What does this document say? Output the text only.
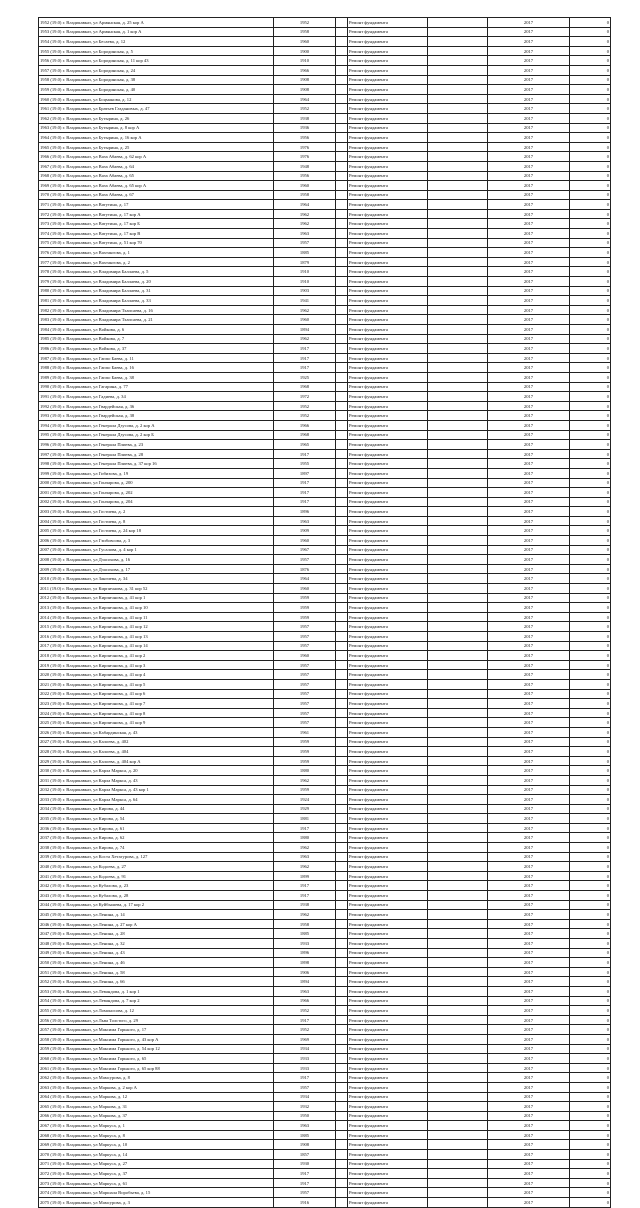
1952 (19.0) г. Владикавказ, ул Армянская, д. 25 кор А	1952		Ремонт фундамента		2017	0
1953 (19.0) г. Владикавказ, ул Армянская, д. 1 кор А	1958		Ремонт фундамента		2017	0
1954 (19.0) г. Владикавказ, ул Бесаева, д. 12	1960		Ремонт фундамента		2017	0
1955 (19.0) г. Владикавказ, ул Бородинская, д. 5	1900		Ремонт фундамента		2017	0
1956 (19.0) г. Владикавказ, ул Бородинская, д. 11 кор 43	1910		Ремонт фундамента		2017	0
1957 (19.0) г. Владикавказ, ул Бородинская, д. 24	1966		Ремонт фундамента		2017	0
1958 (19.0) г. Владикавказ, ул Бородинская, д. 38	1908		Ремонт фундамента		2017	0
1959 (19.0) г. Владикавказ, ул Бородинская, д. 40	1908		Ремонт фундамента		2017	0
1960 (19.0) г. Владикавказ, ул Боцманова, д. 12	1964		Ремонт фундамента		2017	0
1961 (19.0) г. Владикавказ, ул Братьев Газдановых, д. 47	1952		Ремонт фундамента		2017	0
1962 (19.0) г. Владикавказ, ул Бутырина, д. 26	1938		Ремонт фундамента		2017	0
1963 (19.0) г. Владикавказ, ул Бутырина, д. 8 кор А	1936		Ремонт фундамента		2017	0
1964 (19.0) г. Владикавказ, ул Бутырина, д. 16 кор А	1956		Ремонт фундамента		2017	0
1965 (19.0) г. Владикавказ, ул Бутырина, д. 25	1976		Ремонт фундамента		2017	0
1966 (19.0) г. Владикавказ, ул Ваза Абаева, д. 62 кор А	1976		Ремонт фундамента		2017	0
1967 (19.0) г. Владикавказ, ул Ваза Абаева, д. 64	1948		Ремонт фундамента		2017	0
1968 (19.0) г. Владикавказ, ул Ваза Абаева, д. 65	1956		Ремонт фундамента		2017	0
1969 (19.0) г. Владикавказ, ул Ваза Абаева, д. 65 кор А	1960		Ремонт фундамента		2017	0
1970 (19.0) г. Владикавказ, ул Ваза Абаева, д. 67	1958		Ремонт фундамента		2017	0
1971 (19.0) г. Владикавказ, ул Ватутина, д. 17	1964		Ремонт фундамента		2017	0
1972 (19.0) г. Владикавказ, ул Ватутина, д. 17 кор А	1962		Ремонт фундамента		2017	0
1973 (19.0) г. Владикавказ, ул Ватутина, д. 17 кор Б	1962		Ремонт фундамента		2017	0
1974 (19.0) г. Владикавказ, ул Ватутина, д. 17 кор В	1963		Ремонт фундамента		2017	0
1975 (19.0) г. Владикавказ, ул Ватутина, д. 51 кор 70	1957		Ремонт фундамента		2017	0
1976 (19.0) г. Владикавказ, ул Вахтангова, д. 1	1885		Ремонт фундамента		2017	0
1977 (19.0) г. Владикавказ, ул Вахтангова, д. 2	1879		Ремонт фундамента		2017	0
1978 (19.0) г. Владикавказ, ул Владимира Баллаева, д. 5	1910		Ремонт фундамента		2017	0
1979 (19.0) г. Владикавказ, ул Владимира Баллаева, д. 20	1910		Ремонт фундамента		2017	0
1980 (19.0) г. Владикавказ, ул Владимира Баллаева, д. 31	1903		Ремонт фундамента		2017	0
1981 (19.0) г. Владикавказ, ул Владимира Баллаева, д. 33	1941		Ремонт фундамента		2017	0
1982 (19.0) г. Владикавказ, ул Владимира Тхапсаева, д. 16	1962		Ремонт фундамента		2017	0
1983 (19.0) г. Владикавказ, ул Владимира Тхапсаева, д. 21	1960		Ремонт фундамента		2017	0
1984 (19.0) г. Владикавказ, ул Войкова, д. 6	1894		Ремонт фундамента		2017	0
1985 (19.0) г. Владикавказ, ул Войкова, д. 7	1962		Ремонт фундамента		2017	0
1986 (19.0) г. Владикавказ, ул Войкова, д. 37	1917		Ремонт фундамента		2017	0
1987 (19.0) г. Владикавказ, ул Гаппо Баева, д. 11	1917		Ремонт фундамента		2017	0
1988 (19.0) г. Владикавказ, ул Гаппо Баева, д. 16	1917		Ремонт фундамента		2017	0
1989 (19.0) г. Владикавказ, ул Гаппо Баева, д. 38	1925		Ремонт фундамента		2017	0
1990 (19.0) г. Владикавказ, ул Гагарина, д. 77	1968		Ремонт фундамента		2017	0
1991 (19.0) г. Владикавказ, ул Гадиева, д. 34	1972		Ремонт фундамента		2017	0
1992 (19.0) г. Владикавказ, ул Гвардейская, д. 36	1952		Ремонт фундамента		2017	0
1993 (19.0) г. Владикавказ, ул Гвардейская, д. 38	1952		Ремонт фундамента		2017	0
1994 (19.0) г. Владикавказ, ул Генерала Дзусова, д. 2 кор А	1966		Ремонт фундамента		2017	0
1995 (19.0) г. Владикавказ, ул Генерала Дзусова, д. 2 кор Б	1968		Ремонт фундамента		2017	0
1996 (19.0) г. Владикавказ, ул Генерала Плиева, д. 23	1965		Ремонт фундамента		2017	0
1997 (19.0) г. Владикавказ, ул Генерала Плиева, д. 28	1917		Ремонт фундамента		2017	0
1998 (19.0) г. Владикавказ, ул Генерала Плиева, д. 37 кор 16	1955		Ремонт фундамента		2017	0
1999 (19.0) г. Владикавказ, ул Гибизова, д. 19	1897		Ремонт фундамента		2017	0
2000 (19.0) г. Владикавказ, ул Гончарова, д. 200	1917		Ремонт фундамента		2017	0
2001 (19.0) г. Владикавказ, ул Гончарова, д. 202	1917		Ремонт фундамента		2017	0
2002 (19.0) г. Владикавказ, ул Гончарова, д. 204	1917		Ремонт фундамента		2017	0
2003 (19.0) г. Владикавказ, ул Гостиева, д. 2	1896		Ремонт фундамента		2017	0
2004 (19.0) г. Владикавказ, ул Гостиева, д. 8	1963		Ремонт фундамента		2017	0
2005 (19.0) г. Владикавказ, ул Гостиева, д. 24 кор 18	1909		Ремонт фундамента		2017	0
2006 (19.0) г. Владикавказ, ул Гэибовсова, д. 3	1960		Ремонт фундамента		2017	0
2007 (19.0) г. Владикавказ, ул Гусалова, д. 4 кор 1	1967		Ремонт фундамента		2017	0
2008 (19.0) г. Владикавказ, ул Дзасохова, д. 16	1957		Ремонт фундамента		2017	0
2009 (19.0) г. Владикавказ, ул Дзасохова, д. 17	1876		Ремонт фундамента		2017	0
2010 (19.0) г. Владикавказ, ул Зангиева, д. 34	1964		Ремонт фундамента		2017	0
2011 (19.0) г. Владикавказ, ул Кирпичнова, д. 31 кор 52	1960		Ремонт фундамента		2017	0
2012 (19.0) г. Владикавказ, ул Кирпичнова, д. 41 кор 1	1959		Ремонт фундамента		2017	0
2013 (19.0) г. Владикавказ, ул Кирпичнова, д. 41 кор 10	1959		Ремонт фундамента		2017	0
2014 (19.0) г. Владикавказ, ул Кирпичнова, д. 41 кор 11	1959		Ремонт фундамента		2017	0
2015 (19.0) г. Владикавказ, ул Кирпичнова, д. 41 кор 12	1957		Ремонт фундамента		2017	0
2016 (19.0) г. Владикавказ, ул Кирпичнова, д. 41 кор 13	1957		Ремонт фундамента		2017	0
2017 (19.0) г. Владикавказ, ул Кирпичнова, д. 41 кор 14	1957		Ремонт фундамента		2017	0
2018 (19.0) г. Владикавказ, ул Кирпичнова, д. 41 кор 2	1960		Ремонт фундамента		2017	0
2019 (19.0) г. Владикавказ, ул Кирпичнова, д. 41 кор 3	1957		Ремонт фундамента		2017	0
2020 (19.0) г. Владикавказ, ул Кирпичнова, д. 41 кор 4	1957		Ремонт фундамента		2017	0
2021 (19.0) г. Владикавказ, ул Кирпичнова, д. 41 кор 5	1957		Ремонт фундамента		2017	0
2022 (19.0) г. Владикавказ, ул Кирпичнова, д. 41 кор 6	1957		Ремонт фундамента		2017	0
2023 (19.0) г. Владикавказ, ул Кирпичнова, д. 41 кор 7	1957		Ремонт фундамента		2017	0
2024 (19.0) г. Владикавказ, ул Кирпичнова, д. 41 кор 8	1957		Ремонт фундамента		2017	0
2025 (19.0) г. Владикавказ, ул Кирпичнова, д. 41 кор 9	1957		Ремонт фундамента		2017	0
2026 (19.0) г. Владикавказ, ул Кабардинская, д. 43	1961		Ремонт фундамента		2017	0
2027 (19.0) г. Владикавказ, ул Калоева, д. 402	1959		Ремонт фундамента		2017	0
2028 (19.0) г. Владикавказ, ул Калоева, д. 404	1959		Ремонт фундамента		2017	0
2029 (19.0) г. Владикавказ, ул Калоева, д. 404 кор А	1959		Ремонт фундамента		2017	0
2030 (19.0) г. Владикавказ, ул Карла Маркса, д. 20	1880		Ремонт фундамента		2017	0
2031 (19.0) г. Владикавказ, ул Карла Маркса, д. 43	1962		Ремонт фундамента		2017	0
2032 (19.0) г. Владикавказ, ул Карла Маркса, д. 43 кор 1	1959		Ремонт фундамента		2017	0
2033 (19.0) г. Владикавказ, ул Карла Маркса, д. 64	1924		Ремонт фундамента		2017	0
2034 (19.0) г. Владикавказ, ул Кирова, д. 44	1929		Ремонт фундамента		2017	0
2035 (19.0) г. Владикавказ, ул Кирова, д. 54	1881		Ремонт фундамента		2017	0
2036 (19.0) г. Владикавказ, ул Кирова, д. 61	1917		Ремонт фундамента		2017	0
2037 (19.0) г. Владикавказ, ул Кирова, д. 62	1880		Ремонт фундамента		2017	0
2038 (19.0) г. Владикавказ, ул Кирова, д. 74	1962		Ремонт фундамента		2017	0
2039 (19.0) г. Владикавказ, ул Коста Хетагурова, д. 127	1963		Ремонт фундамента		2017	0
2040 (19.0) г. Владикавказ, ул Кодоева, д. 27	1962		Ремонт фундамента		2017	0
2041 (19.0) г. Владикавказ, ул Кодоева, д. 91	1899		Ремонт фундамента		2017	0
2042 (19.0) г. Владикавказ, ул Кубалова, д. 23	1917		Ремонт фундамента		2017	0
2043 (19.0) г. Владикавказ, ул Кубалова, д. 28	1917		Ремонт фундамента		2017	0
2044 (19.0) г. Владикавказ, ул Куйбышева, д. 17 кор 2	1938		Ремонт фундамента		2017	0
2045 (19.0) г. Владикавказ, ул Ленина, д. 14	1962		Ремонт фундамента		2017	0
2046 (19.0) г. Владикавказ, ул Ленина, д. 27 кор А	1958		Ремонт фундамента		2017	0
2047 (19.0) г. Владикавказ, ул Ленина, д. 28	1885		Ремонт фундамента		2017	0
2048 (19.0) г. Владикавказ, ул Ленина, д. 32	1933		Ремонт фундамента		2017	0
2049 (19.0) г. Владикавказ, ул Ленина, д. 43	1896		Ремонт фундамента		2017	0
2050 (19.0) г. Владикавказ, ул Ленина, д. 46	1898		Ремонт фундамента		2017	0
2051 (19.0) г. Владикавказ, ул Ленина, д. 58	1906		Ремонт фундамента		2017	0
2052 (19.0) г. Владикавказ, ул Ленина, д. 66	1894		Ремонт фундамента		2017	0
2053 (19.0) г. Владикавказ, ул Левандова, д. 1 кор 1	1963		Ремонт фундамента		2017	0
2054 (19.0) г. Владикавказ, ул Левандова, д. 7 кор 2	1966		Ремонт фундамента		2017	0
2055 (19.0) г. Владикавказ, ул Ломоносова, д. 12	1952		Ремонт фундамента		2017	0
2056 (19.0) г. Владикавказ, ул Льва Толстого, д. 29	1917		Ремонт фундамента		2017	0
2057 (19.0) г. Владикавказ, ул Максима Горького, д. 17	1952		Ремонт фундамента		2017	0
2058 (19.0) г. Владикавказ, ул Максима Горького, д. 43 кор А	1969		Ремонт фундамента		2017	0
2059 (19.0) г. Владикавказ, ул Максима Горького, д. 54 кор 12	1934		Ремонт фундамента		2017	0
2060 (19.0) г. Владикавказ, ул Максима Горького, д. 65	1933		Ремонт фундамента		2017	0
2061 (19.0) г. Владикавказ, ул Максима Горького, д. 65 кор 88	1933		Ремонт фундамента		2017	0
2062 (19.0) г. Владикавказ, ул Мамсурова, д. 8	1917		Ремонт фундамента		2017	0
2063 (19.0) г. Владикавказ, ул Маркова, д. 2 кор А	1957		Ремонт фундамента		2017	0
2064 (19.0) г. Владикавказ, ул Маркова, д. 12	1934		Ремонт фундамента		2017	0
2065 (19.0) г. Владикавказ, ул Маркова, д. 31	1932		Ремонт фундамента		2017	0
2066 (19.0) г. Владикавказ, ул Маркова, д. 37	1950		Ремонт фундамента		2017	0
2067 (19.0) г. Владикавказ, ул Маркуса, д. 1	1963		Ремонт фундамента		2017	0
2068 (19.0) г. Владикавказ, ул Маркуса, д. 8	1885		Ремонт фундамента		2017	0
2069 (19.0) г. Владикавказ, ул Маркуса, д. 10	1908		Ремонт фундамента		2017	0
2070 (19.0) г. Владикавказ, ул Маркуса, д. 14	1857		Ремонт фундамента		2017	0
2071 (19.0) г. Владикавказ, ул Маркуса, д. 27	1930		Ремонт фундамента		2017	0
2072 (19.0) г. Владикавказ, ул Маркуса, д. 37	1917		Ремонт фундамента		2017	0
2073 (19.0) г. Владикавказ, ул Маркуса, д. 61	1917		Ремонт фундамента		2017	0
2074 (19.0) г. Владикавказ, ул Маршала Воробьева, д. 15	1957		Ремонт фундамента		2017	0
2075 (19.0) г. Владикавказ, ул Мамсурова, д. 3	1916		Ремонт фундамента		2017	0
